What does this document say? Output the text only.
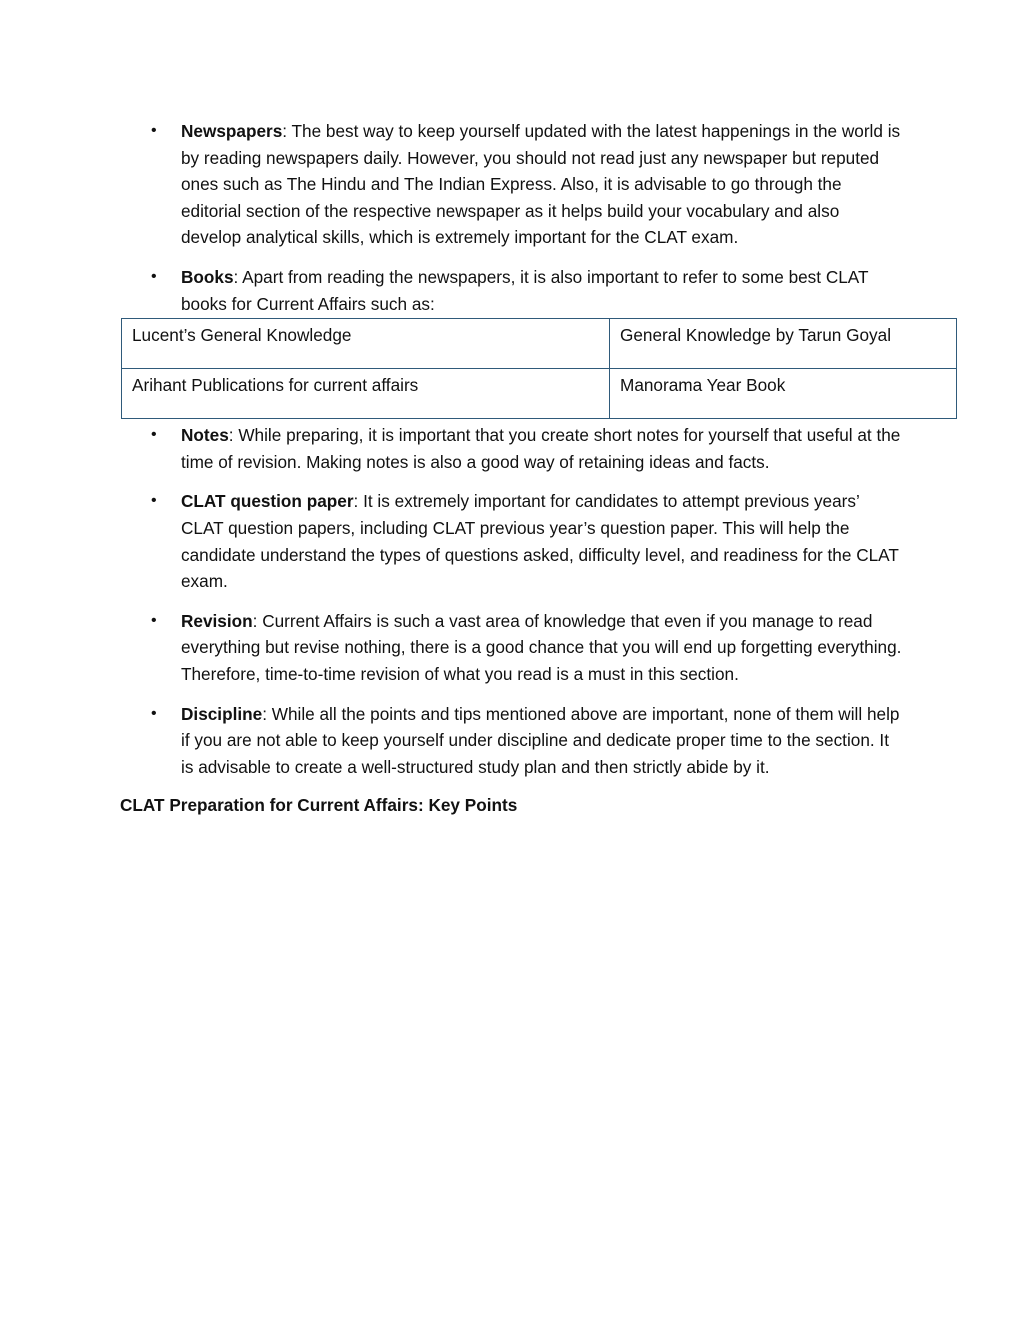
• Newspapers: The best way to keep yourself updated with the latest happenings in the world is by reading newspapers daily. However, you should not read just any newspaper but reputed ones such as The Hindu and The Indian Express. Also, it is advisable to go through the editorial section of the respective newspaper as it helps build your vocabulary and also develop analytical skills, which is extremely important for the CLAT exam.
• Books: Apart from reading the newspapers, it is also important to refer to some best CLAT books for Current Affairs such as:
Lucent’s General Knowledge	General Knowledge by Tarun Goyal
Arihant Publications for current affairs	Manorama Year Book
• Notes: While preparing, it is important that you create short notes for yourself that useful at the time of revision. Making notes is also a good way of retaining ideas and facts.
• CLAT question paper: It is extremely important for candidates to attempt previous years’ CLAT question papers, including CLAT previous year’s question paper. This will help the candidate understand the types of questions asked, difficulty level, and readiness for the CLAT exam.
• Revision: Current Affairs is such a vast area of knowledge that even if you manage to read everything but revise nothing, there is a good chance that you will end up forgetting everything. Therefore, time-to-time revision of what you read is a must in this section.
• Discipline: While all the points and tips mentioned above are important, none of them will help if you are not able to keep yourself under discipline and dedicate proper time to the section. It is advisable to create a well-structured study plan and then strictly abide by it.

CLAT Preparation for Current Affairs: Key Points
